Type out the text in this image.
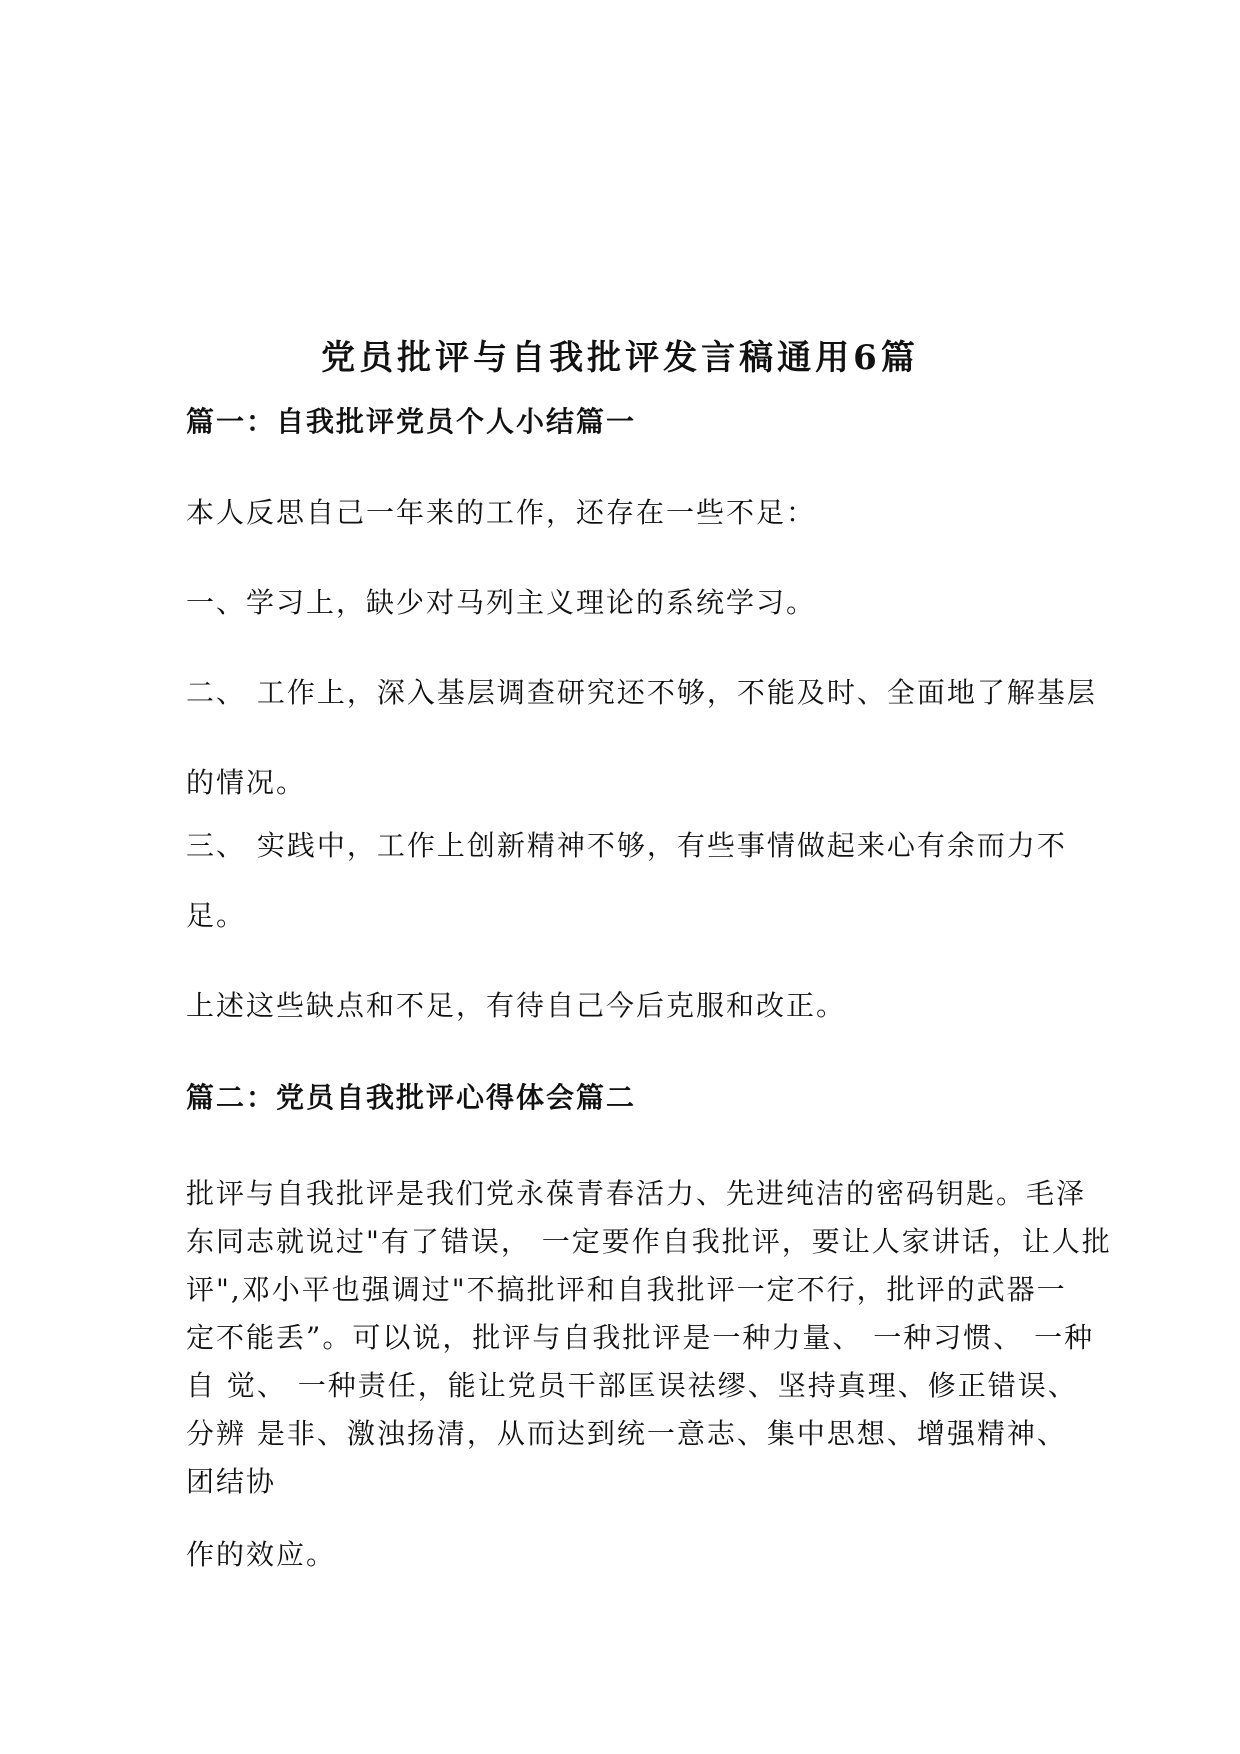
党员批评与自我批评发言稿通用6篇
篇一：自我批评党员个人小结篇一
本人反思自己一年来的工作，还存在一些不足：
一、学习上，缺少对马列主义理论的系统学习。
二、 工作上，深入基层调查研究还不够，不能及时、全面地了解基层
的情况。
三、 实践中，工作上创新精神不够，有些事情做起来心有余而力不
足。
上述这些缺点和不足，有待自己今后克服和改正。
篇二：党员自我批评心得体会篇二
批评与自我批评是我们党永葆青春活力、先进纯洁的密码钥匙。毛泽
东同志就说过"有了错误， 一定要作自我批评，要让人家讲话，让人批
评",邓小平也强调过"不搞批评和自我批评一定不行，批评的武器一
定不能丢”。可以说，批评与自我批评是一种力量、 一种习惯、 一种
自 觉、 一种责任，能让党员干部匡误祛缪、坚持真理、修正错误、
分辨 是非、激浊扬清，从而达到统一意志、集中思想、增强精神、
团结协
作的效应。
